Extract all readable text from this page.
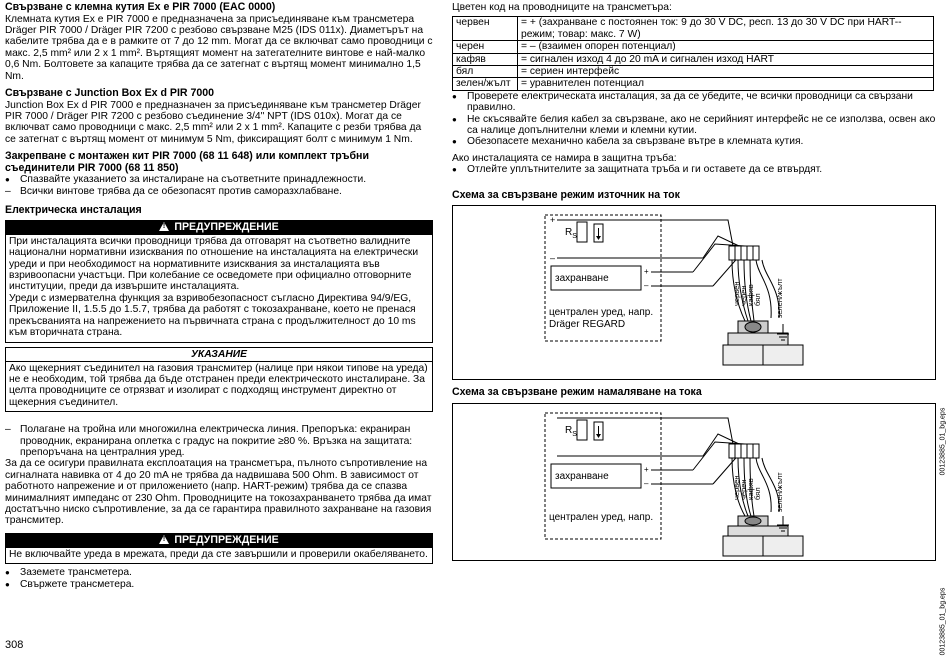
Свързване с клемна кутия Ex e PIR 7000 (EAC 0000)

Клемната кутия Ex e PIR 7000 е предназначена за присъединяване към трансметера Dräger PIR 7000 / Dräger PIR 7200 с резбово свързване M25 (IDS 011x). Диаметърът на кабелите трябва да е в рамките от 7 до 12 mm. Могат да се включват само проводници с макс. 2,5 mm² или 2 x 1 mm². Въртящият момент на затегателните винтове е най-малко 0,6 Nm. Болтовете за капаците трябва да се затегнат с въртящ момент минимално 1,5 Nm.

Свързване с Junction Box Ex d PIR 7000

Junction Box Ex d PIR 7000 е предназначен за присъединяване към трансметер Dräger PIR 7000 / Dräger PIR 7200 с резбово съединение 3/4" NPT (IDS 010x). Могат да се включват само проводници с макс. 2,5 mm² или 2 x 1 mm². Капаците с резби трябва да се затегнат с въртящ момент от минимум 5 Nm, фиксиращият болт с минимум 1 Nm.

Закрепване с монтажен кит PIR 7000 (68 11 648) или комплект тръбни съединители PIR 7000 (68 11 850)
● Спазвайте указанието за инсталиране на съответните принадлежности.
– Всички винтове трябва да се обезопасят против саморазхлабване.
Електрическа инсталация
!ПРЕДУПРЕЖДЕНИЕ

При инсталацията всички проводници трябва да отговарят на съответно валидните национални нормативни изисквания по отношение на инсталацията на електрически уреди и при необходимост на нормативните изисквания за инсталацията във взривоопасни участъци. При колебание се осведомете при официално отговорните институции, преди да извършите инсталацията.

Уреди с измервателна функция за взривобезопасност съгласно Директива 94/9/EG, Приложение II, 1.5.5 до 1.5.7, трябва да работят с токозахранване, което не пренася прекъсванията на напрежението на първичната страна с продължителност до 10 ms към вторичната страна.

УКАЗАНИЕ

Ако щекерният съединител на газовия трансмитер (налице при някои типове на уреда) не е необходим, той трябва да бъде отстранен преди електрическото инсталиране. За целта проводниците се отрязват и изолират с подходящ инструмент директно от щекерния съединител.

– Полагане на тройна или многожилна електрическа линия. Препоръка: екраниран проводник, екранирана оплетка с градус на покритие ≥80 %. Връзка на защитата: препоръчана на централния уред.

За да се осигури правилната експлоатация на трансметъра, пълното съпротивление на сигналната навивка от 4 до 20 mA не трябва да надвишава 500 Ohm. В зависимост от работното напрежение и от приложението (напр. HART-режим) трябва да се спазва минималният импеданс от 230 Ohm. Проводниците на токозахранването трябва да имат достатъчно ниско съпротивление, за да се гарантира правилното захранване на газовия трансмитер.

!ПРЕДУПРЕЖДЕНИЕ

Не включвайте уреда в мрежата, преди да сте завършили и проверили окабеляването.

● Заземете трансметера.
● Свържете трансметера.

Цветен код на проводниците на трансметъра:

червен	= + (захранване с постоянен ток: 9 до 30 V DC, респ. 13 до 30 V DC при HART--режим; товар: макс. 7 W)
черен	= – (взаимен опорен потенциал)
кафяв	= сигнален изход 4 до 20 mA и сигнален изход HART
бял	= сериен интерфейс
зелен/жълт	= уравнителен потенциал
● Проверете електрическата инсталация, за да се убедите, че всички проводници са свързани правилно.
● Не скъсявайте белия кабел за свързване, ако не серийният интерфейс не се използва, освен ако са налице допълнителни клеми и клемни кутии.
● Обезопасете механично кабела за свързване вътре в клемната кутия.

Ако инсталацията се намира в защитна тръба:

● Отлейте уплътнителите за защитната тръба и ги оставете да се втвърдят.
Схема за свързване режим източник на ток
+
$R_S$
–
захранване
+
–
централен уред, напр.
Dräger REGARD
червен
черен
кафяв
бял зелен/жълт
00123885_01_bg.eps
Схема за свързване режим намаляване на тока
$R_S$
захранване
+
–
централен уред, напр.
червен
черен
кафяв
бял зелен/жълт
00123885_01_bg.eps
308
